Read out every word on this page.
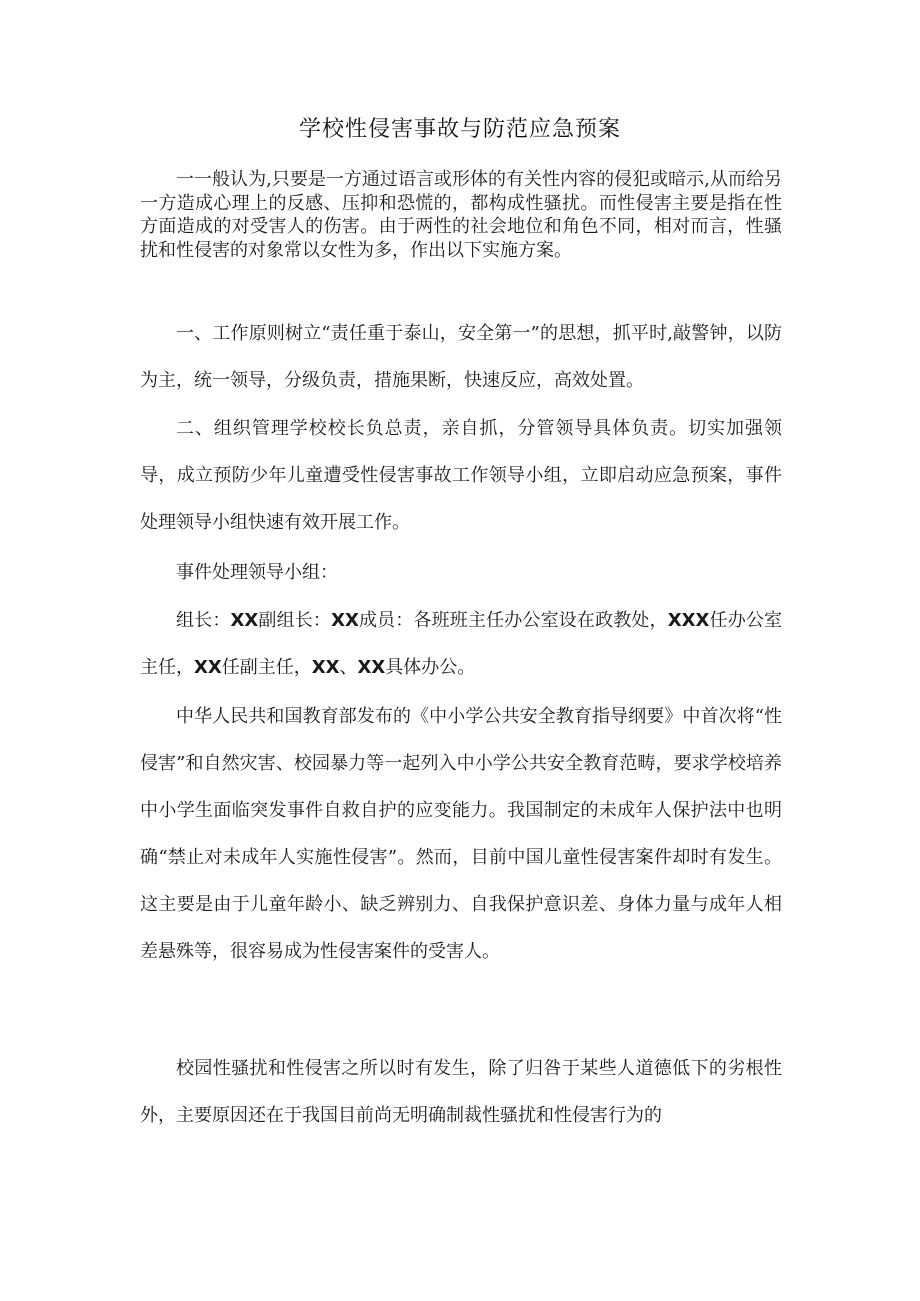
学校性侵害事故与防范应急预案
一一般认为,只要是一方通过语言或形体的有关性内容的侵犯或暗示,从而给另一方造成心理上的反感、压抑和恐慌的，都构成性骚扰。而性侵害主要是指在性方面造成的对受害人的伤害。由于两性的社会地位和角色不同，相对而言，性骚扰和性侵害的对象常以女性为多，作出以下实施方案。
一、工作原则树立“责任重于泰山，安全第一”的思想，抓平时,敲警钟，以防为主，统一领导，分级负责，措施果断，快速反应，高效处置。
二、组织管理学校校长负总责，亲自抓，分管领导具体负责。切实加强领导，成立预防少年儿童遭受性侵害事故工作领导小组，立即启动应急预案，事件处理领导小组快速有效开展工作。
事件处理领导小组：
组长：XX副组长：XX成员：各班班主任办公室设在政教处，XXX任办公室主任，XX任副主任，XX、XX具体办公。
中华人民共和国教育部发布的《中小学公共安全教育指导纲要》中首次将“性侵害”和自然灾害、校园暴力等一起列入中小学公共安全教育范畴，要求学校培养中小学生面临突发事件自救自护的应变能力。我国制定的未成年人保护法中也明确“禁止对未成年人实施性侵害”。然而，目前中国儿童性侵害案件却时有发生。这主要是由于儿童年龄小、缺乏辨别力、自我保护意识差、身体力量与成年人相差悬殊等，很容易成为性侵害案件的受害人。
校园性骚扰和性侵害之所以时有发生，除了归咎于某些人道德低下的劣根性外，主要原因还在于我国目前尚无明确制裁性骚扰和性侵害行为的
